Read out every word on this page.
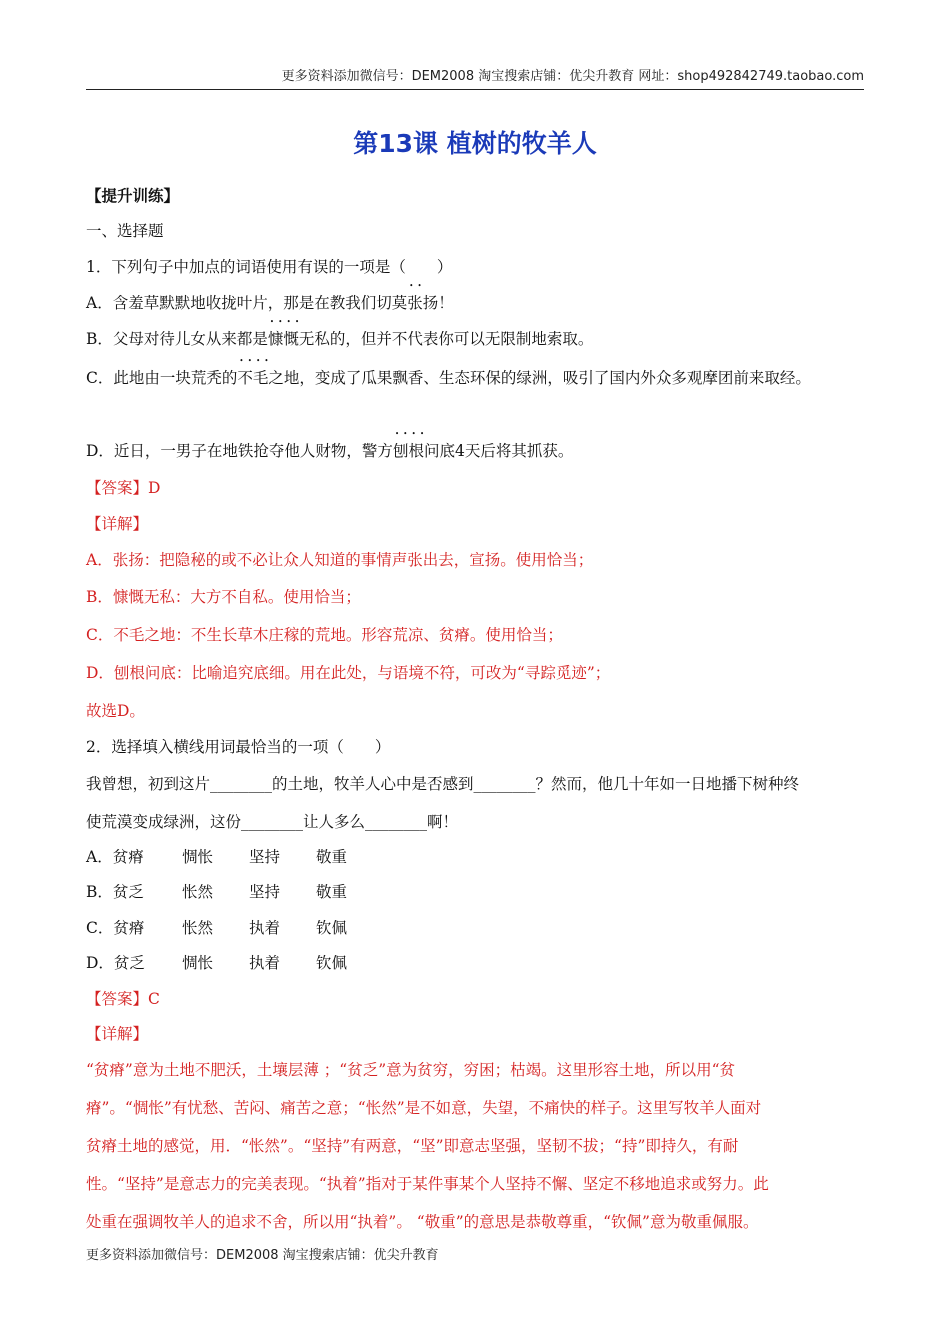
更多资料添加微信号：DEM2008 淘宝搜索店铺：优尖升教育 网址：shop492842749.taobao.com
第13课 植树的牧羊人
【提升训练】
一、选择题
1．下列句子中加点的词语使用有误的一项是（　　）
A．含羞草默默地收拢叶片，那是在教我们切莫• • 张扬！
B．父母对待儿女从来都是• • • • 慷慨无私的，但并不代表你可以无限制地索取。
C．此地由一块荒秃的• • • • 不毛之地，变成了瓜果飘香、生态环保的绿洲，吸引了国内外众多观摩团前来取经。
D．近日，一男子在地铁抢夺他人财物，警方• • • • 刨根问底4天后将其抓获。
【答案】D
【详解】
A．张扬：把隐秘的或不必让众人知道的事情声张出去，宣扬。使用恰当；
B．慷慨无私：大方不自私。使用恰当；
C．不毛之地：不生长草木庄稼的荒地。形容荒凉、贫瘠。使用恰当；
D．刨根问底：比喻追究底细。用在此处，与语境不符，可改为“寻踪觅迹”；
故选D。
2．选择填入横线用词最恰当的一项（　　）
我曾想，初到这片________的土地，牧羊人心中是否感到________？然而，他几十年如一日地播下树种终
使荒漠变成绿洲，这份________让人多么________啊！
A．贫瘠 惆怅 坚持 敬重
B．贫乏 怅然 坚持 敬重
C．贫瘠 怅然 执着 钦佩
D．贫乏 惆怅 执着 钦佩
【答案】C
【详解】
“贫瘠”意为土地不肥沃，土壤层薄 ；“贫乏”意为贫穷，穷困；枯竭。这里形容土地，所以用“贫
瘠”。“惆怅”有忧愁、苦闷、痛苦之意；“怅然”是不如意，失望，不痛快的样子。这里写牧羊人面对
贫瘠土地的感觉，用．“怅然”。“坚持”有两意，“坚”即意志坚强，坚韧不拔；“持”即持久，有耐
性。“坚持”是意志力的完美表现。“执着”指对于某件事某个人坚持不懈、坚定不移地追求或努力。此
处重在强调牧羊人的追求不舍，所以用“执着”。 “敬重”的意思是恭敬尊重，“钦佩”意为敬重佩服。
更多资料添加微信号：DEM2008 淘宝搜索店铺：优尖升教育
